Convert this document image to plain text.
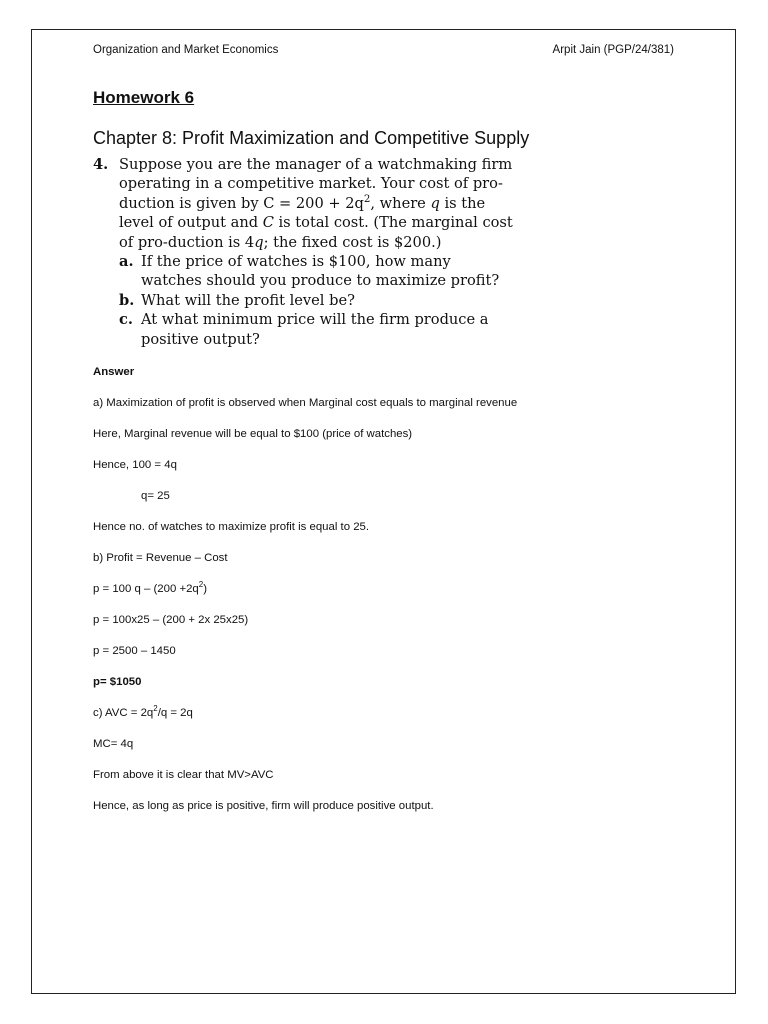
Organization and Market Economics	Arpit Jain (PGP/24/381)
Homework 6
Chapter 8: Profit Maximization and Competitive Supply
4. Suppose you are the manager of a watchmaking firm operating in a competitive market. Your cost of pro-duction is given by $C = 200 + 2q^2$, where q is the level of output and C is total cost. (The marginal cost of pro-duction is 4q; the fixed cost is $200.)
a. If the price of watches is $100, how many watches should you produce to maximize profit?
b. What will the profit level be?
c. At what minimum price will the firm produce a positive output?
Answer
a) Maximization of profit is observed when Marginal cost equals to marginal revenue
Here, Marginal revenue will be equal to $100 (price of watches)
Hence, 100 = 4q
q= 25
Hence no. of watches to maximize profit is equal to 25.
b) Profit = Revenue – Cost
p = 100 $q - (200 +2q^2)$
p = 100x25 – (200 + 2x 25x25)
p = 2500 – 1450
p= $1050
c) AVC = $2q^2/q = 2q$
MC= 4q
From above it is clear that MV>AVC
Hence, as long as price is positive, firm will produce positive output.
